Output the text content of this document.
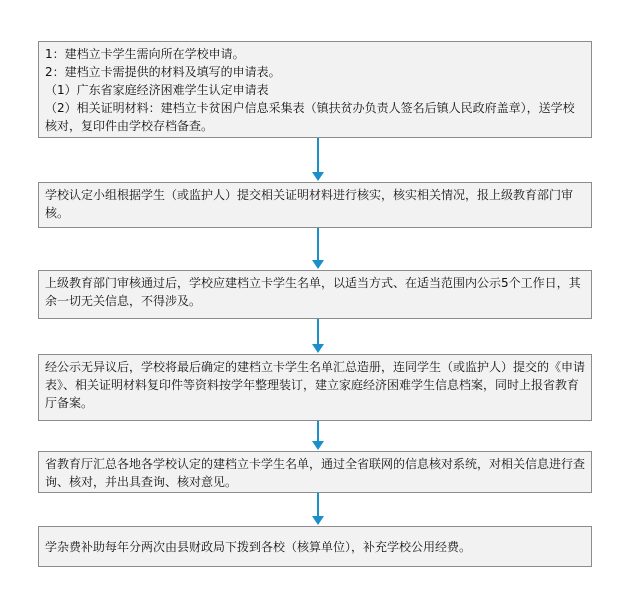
1：建档立卡学生需向所在学校申请。

2：建档立卡需提供的材料及填写的申请表。

（1）广东省家庭经济困难学生认定申请表

（2）相关证明材料：建档立卡贫困户信息采集表（镇扶贫办负责人签名后镇人民政府盖章），送学校核对，复印件由学校存档备查。

学校认定小组根据学生（或监护人）提交相关证明材料进行核实，核实相关情况，报上级教育部门审核。

上级教育部门审核通过后，学校应建档立卡学生名单，以适当方式、在适当范围内公示5个工作日，其余一切无关信息，不得涉及。

经公示无异议后，学校将最后确定的建档立卡学生名单汇总造册，连同学生（或监护人）提交的《申请表》、相关证明材料复印件等资料按学年整理装订，建立家庭经济困难学生信息档案，同时上报省教育厅备案。

省教育厅汇总各地各学校认定的建档立卡学生名单，通过全省联网的信息核对系统，对相关信息进行查询、核对，并出具查询、核对意见。

学杂费补助每年分两次由县财政局下拨到各校（核算单位），补充学校公用经费。
